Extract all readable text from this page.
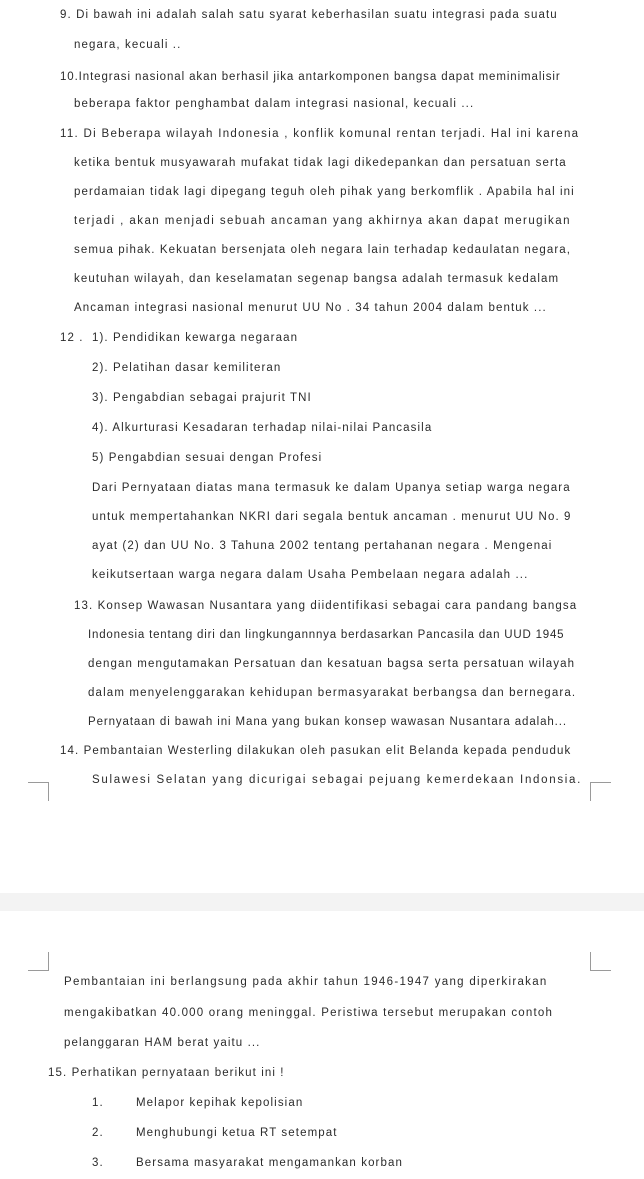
9. Di bawah ini adalah salah satu syarat keberhasilan suatu integrasi pada suatu
negara, kecuali ..
10.Integrasi nasional akan berhasil jika antarkomponen bangsa dapat meminimalisir
beberapa faktor penghambat dalam integrasi nasional, kecuali ...
11. Di Beberapa wilayah Indonesia , konflik komunal rentan terjadi. Hal ini karena
ketika bentuk musyawarah mufakat tidak lagi dikedepankan dan persatuan serta
perdamaian tidak lagi dipegang teguh oleh pihak yang berkomflik . Apabila hal ini
terjadi , akan menjadi sebuah ancaman yang akhirnya akan dapat merugikan
semua pihak. Kekuatan bersenjata oleh negara lain terhadap kedaulatan negara,
keutuhan wilayah, dan keselamatan segenap bangsa adalah termasuk kedalam
Ancaman integrasi nasional menurut UU No . 34 tahun 2004 dalam bentuk ...
12 . 1). Pendidikan kewarga negaraan
2). Pelatihan dasar kemiliteran
3). Pengabdian sebagai prajurit TNI
4). Alkurturasi Kesadaran terhadap nilai-nilai Pancasila
5) Pengabdian sesuai dengan Profesi
Dari Pernyataan diatas mana termasuk ke dalam Upanya setiap warga negara
untuk mempertahankan NKRI dari segala bentuk ancaman . menurut UU No. 9
ayat (2) dan UU No. 3 Tahuna 2002 tentang pertahanan negara . Mengenai
keikutsertaan warga negara dalam Usaha Pembelaan negara adalah ...
13. Konsep Wawasan Nusantara yang diidentifikasi sebagai cara pandang bangsa
Indonesia tentang diri dan lingkungannnya berdasarkan Pancasila dan UUD 1945
dengan mengutamakan Persatuan dan kesatuan bagsa serta persatuan wilayah
dalam menyelenggarakan kehidupan bermasyarakat berbangsa dan bernegara.
Pernyataan di bawah ini Mana yang bukan konsep wawasan Nusantara adalah...
14. Pembantaian Westerling dilakukan oleh pasukan elit Belanda kepada penduduk
Sulawesi Selatan yang dicurigai sebagai pejuang kemerdekaan Indonsia.
Pembantaian ini berlangsung pada akhir tahun 1946-1947 yang diperkirakan
mengakibatkan 40.000 orang meninggal. Peristiwa tersebut merupakan contoh
pelanggaran HAM berat yaitu ...
15. Perhatikan pernyataan berikut ini !
1.	Melapor kepihak kepolisian
2.	Menghubungi ketua RT setempat
3.	Bersama masyarakat mengamankan korban
